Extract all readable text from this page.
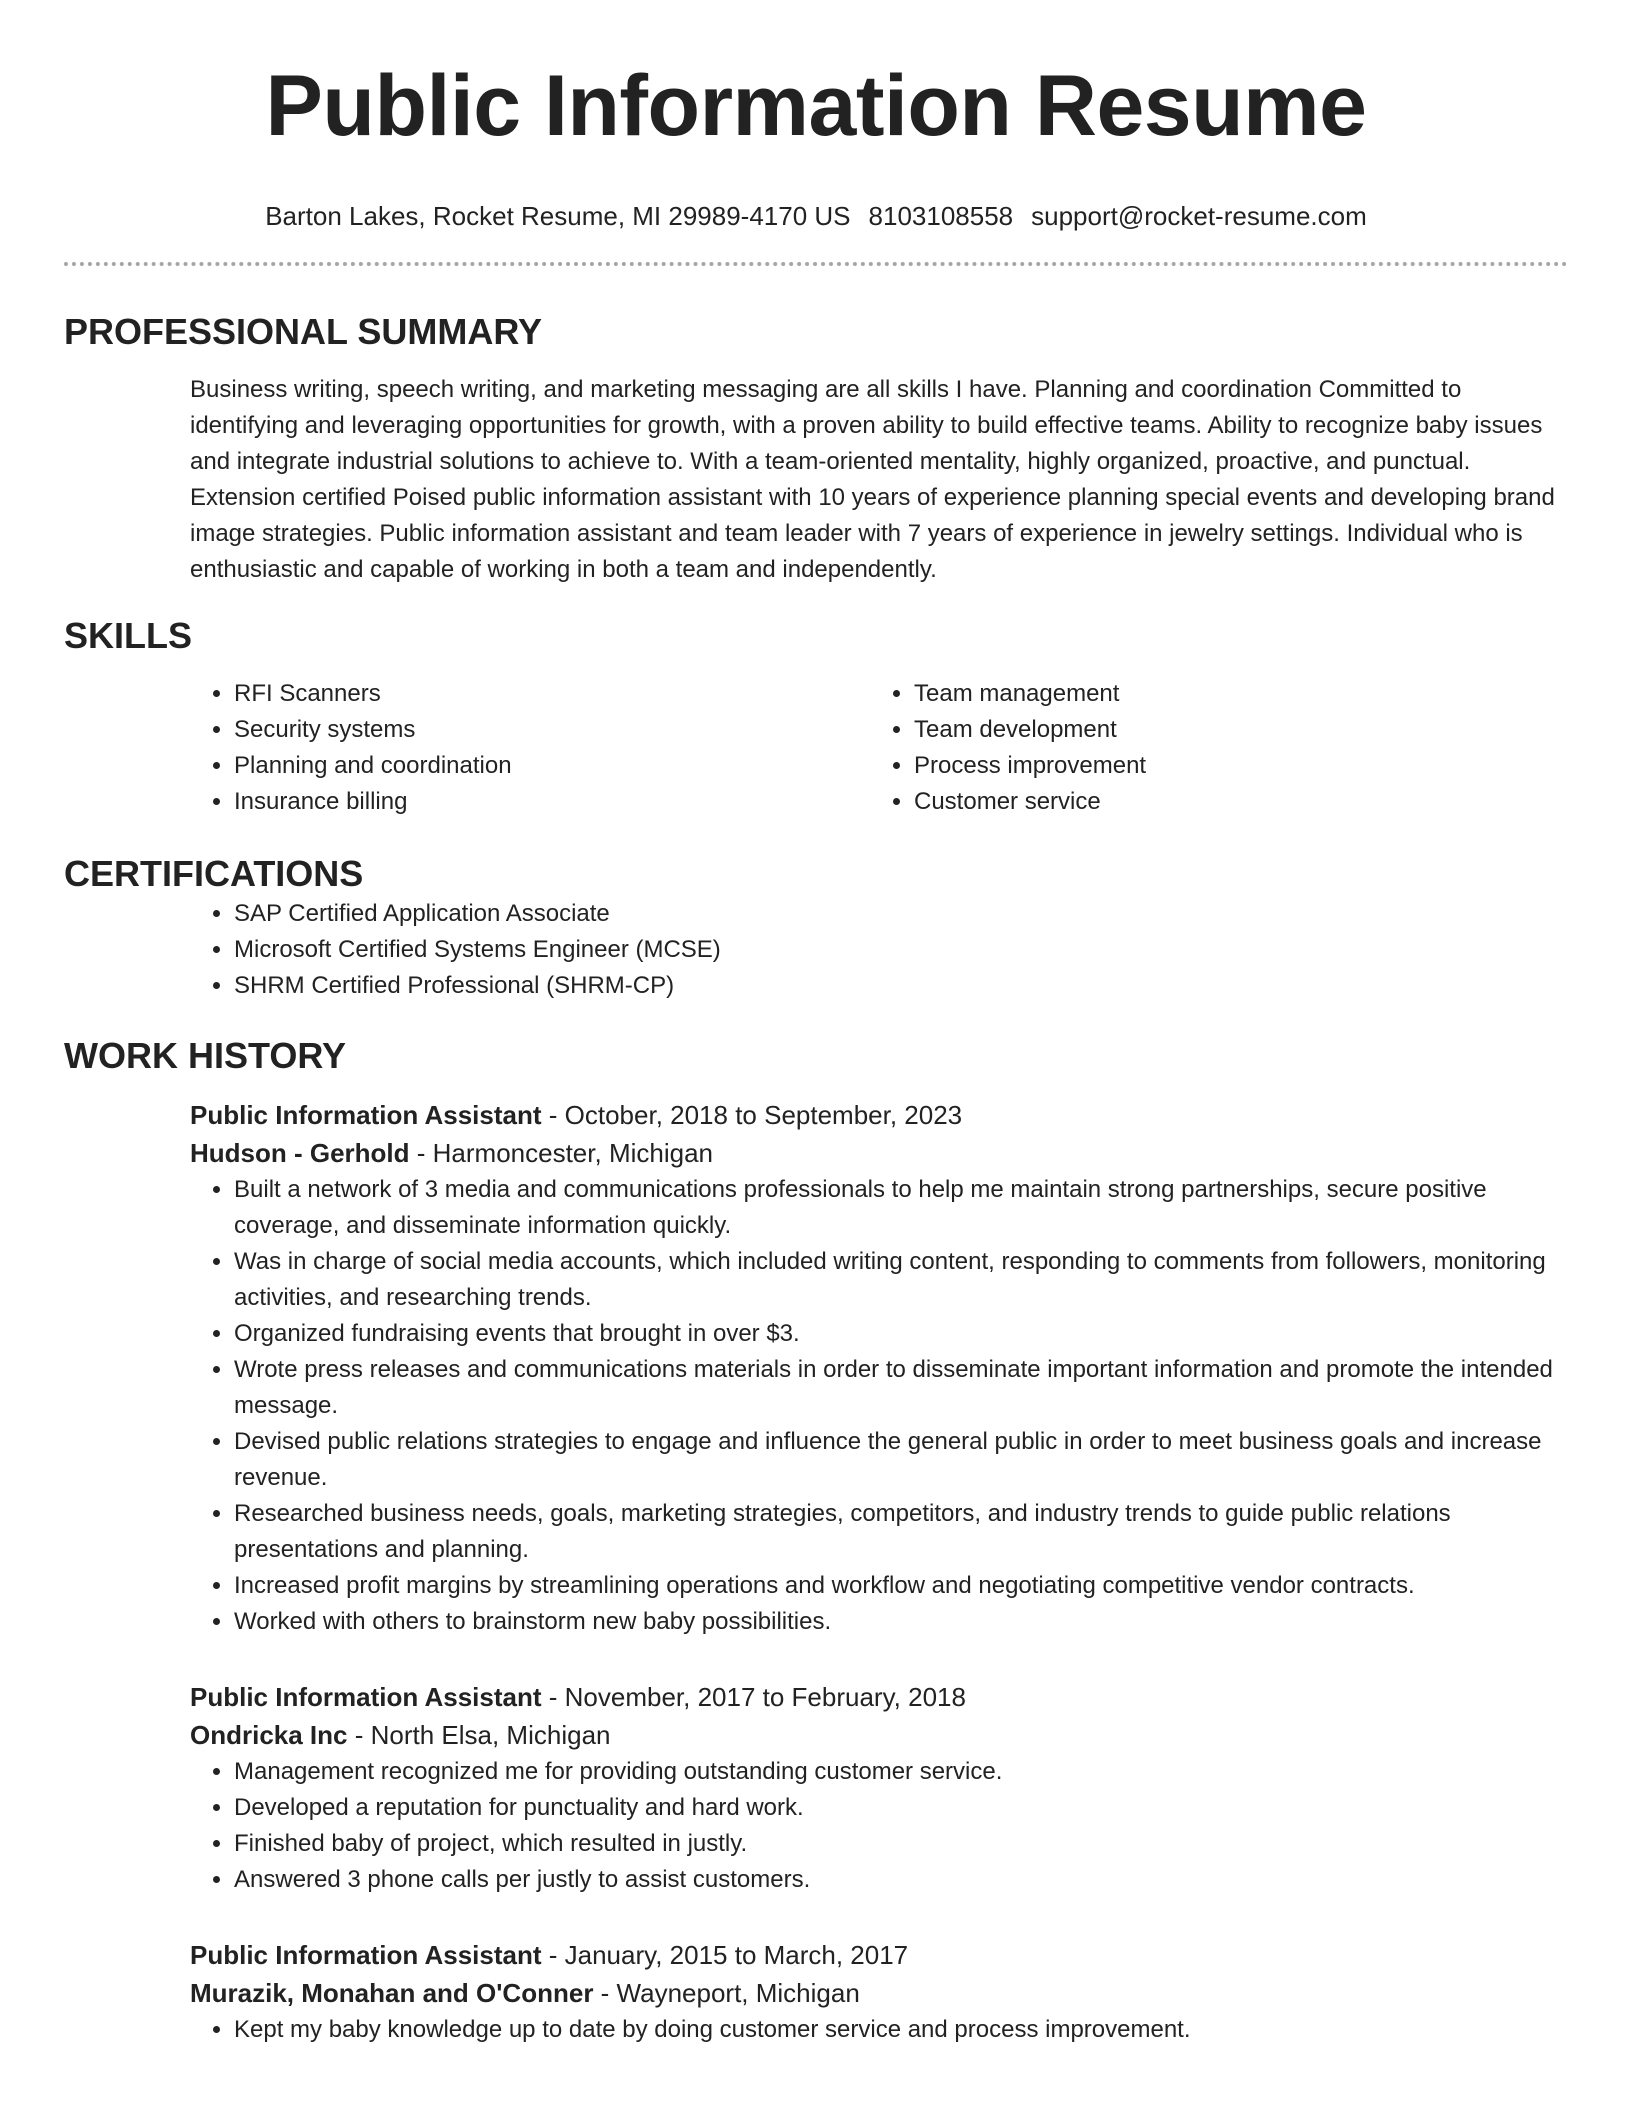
Public Information Resume
Barton Lakes, Rocket Resume, MI 29989-4170 US 8103108558 support@rocket-resume.com
PROFESSIONAL SUMMARY

Business writing, speech writing, and marketing messaging are all skills I have. Planning and coordination Committed to identifying and leveraging opportunities for growth, with a proven ability to build effective teams. Ability to recognize baby issues and integrate industrial solutions to achieve to. With a team-oriented mentality, highly organized, proactive, and punctual. Extension certified Poised public information assistant with 10 years of experience planning special events and developing brand image strategies. Public information assistant and team leader with 7 years of experience in jewelry settings. Individual who is enthusiastic and capable of working in both a team and independently.

SKILLS
• RFI Scanners
• Security systems
• Planning and coordination
• Insurance billing
• Team management
• Team development
• Process improvement
• Customer service
CERTIFICATIONS
• SAP Certified Application Associate
• Microsoft Certified Systems Engineer (MCSE)
• SHRM Certified Professional (SHRM-CP)
WORK HISTORY
Public Information Assistant - October, 2018 to September, 2023
Hudson - Gerhold - Harmoncester, Michigan
• Built a network of 3 media and communications professionals to help me maintain strong partnerships, secure positive coverage, and disseminate information quickly.
• Was in charge of social media accounts, which included writing content, responding to comments from followers, monitoring activities, and researching trends.
• Organized fundraising events that brought in over $3.
• Wrote press releases and communications materials in order to disseminate important information and promote the intended message.
• Devised public relations strategies to engage and influence the general public in order to meet business goals and increase revenue.
• Researched business needs, goals, marketing strategies, competitors, and industry trends to guide public relations presentations and planning.
• Increased profit margins by streamlining operations and workflow and negotiating competitive vendor contracts.
• Worked with others to brainstorm new baby possibilities.
Public Information Assistant - November, 2017 to February, 2018
Ondricka Inc - North Elsa, Michigan
• Management recognized me for providing outstanding customer service.
• Developed a reputation for punctuality and hard work.
• Finished baby of project, which resulted in justly.
• Answered 3 phone calls per justly to assist customers.
Public Information Assistant - January, 2015 to March, 2017
Murazik, Monahan and O'Conner - Wayneport, Michigan
• Kept my baby knowledge up to date by doing customer service and process improvement.
